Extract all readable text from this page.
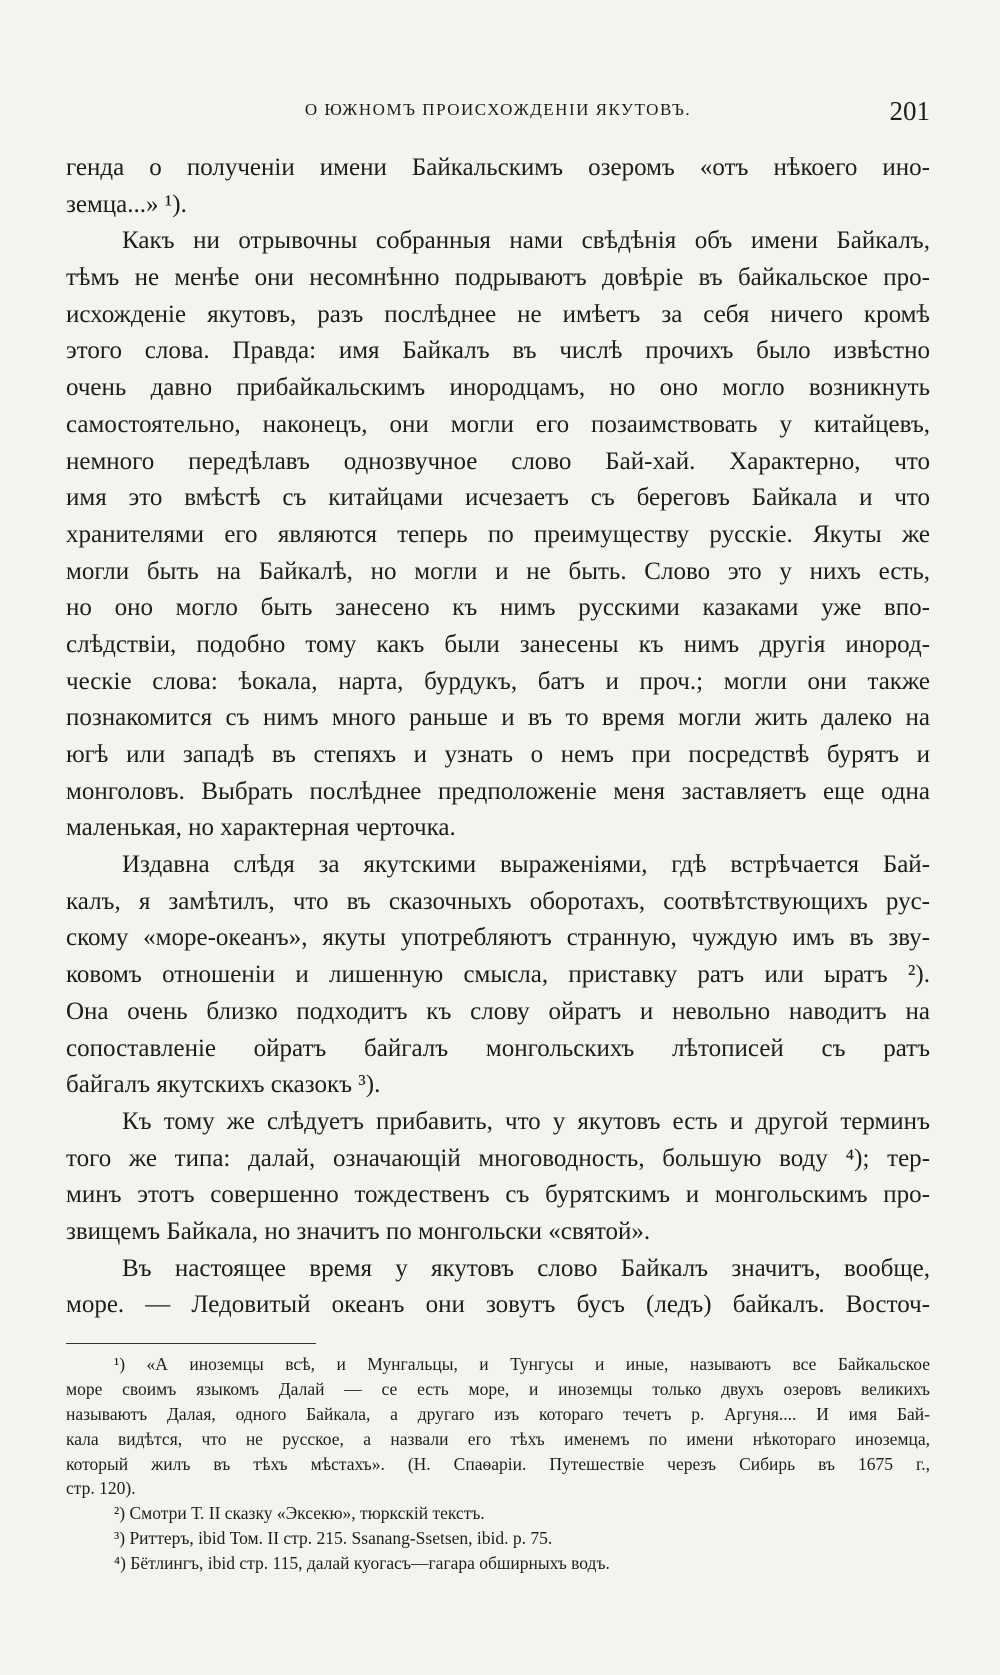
О ЮЖНОМЪ ПРОИСХОЖДЕНIИ ЯКУТОВЪ.	201
генда о полученiи имени Байкальскимъ озеромъ «отъ нѣкоего ино-
земца...» ¹).
Какъ ни отрывочны собранныя нами свѣдѣнiя объ имени Байкалъ,
тѣмъ не менѣе они несомнѣнно подрываютъ довѣрiе въ байкальское про-
исхожденiе якутовъ, разъ послѣднее не имѣетъ за себя ничего кромѣ
этого слова. Правда: имя Байкалъ въ числѣ прочихъ было извѣстно
очень давно прибайкальскимъ инородцамъ, но оно могло возникнуть
самостоятельно, наконецъ, они могли его позаимствовать у китайцевъ,
немного передѣлавъ однозвучное слово Бай-хай. Характерно, что
имя это вмѣстѣ съ китайцами исчезаетъ съ береговъ Байкала и что
хранителями его являются теперь по преимуществу русскiе. Якуты же
могли быть на Байкалѣ, но могли и не быть. Слово это у нихъ есть,
но оно могло быть занесено къ нимъ русскими казаками уже впо-
слѣдствiи, подобно тому какъ были занесены къ нимъ другiя инород-
ческiе слова: ѣокала, нарта, бурдукъ, батъ и проч.; могли они также
познакомится съ нимъ много раньше и въ то время могли жить далеко на
югѣ или западѣ въ степяхъ и узнать о немъ при посредствѣ бурятъ и
монголовъ. Выбрать послѣднее предположенiе меня заставляетъ еще одна
маленькая, но характерная черточка.
Издавна слѣдя за якутскими выраженiями, гдѣ встрѣчается Бай-
калъ, я замѣтилъ, что въ сказочныхъ оборотахъ, соотвѣтствующихъ рус-
скому «море-океанъ», якуты употребляютъ странную, чуждую имъ въ зву-
ковомъ отношенiи и лишенную смысла, приставку ратъ или ыратъ ²).
Она очень близко подходитъ къ слову ойратъ и невольно наводитъ на
сопоставленiе ойратъ байгалъ монгольскихъ лѣтописей съ ратъ
байгалъ якутскихъ сказокъ ³).
Къ тому же слѣдуетъ прибавить, что у якутовъ есть и другой терминъ
того же типа: далай, означающiй многоводность, большую воду ⁴); тер-
минъ этотъ совершенно тождественъ съ бурятскимъ и монгольскимъ про-
звищемъ Байкала, но значитъ по монгольски «святой».
Въ настоящее время у якутовъ слово Байкалъ значитъ, вообще,
море. — Ледовитый океанъ они зовутъ бусъ (ледъ) байкалъ. Восточ-
¹) «А иноземцы всѣ, и Мунгальцы, и Тунгусы и иные, называютъ все Байкальское
море своимъ языкомъ Далай — се есть море, и иноземцы только двухъ озеровъ великихъ
называютъ Далая, одного Байкала, а другаго изъ котораго течетъ р. Аргуня.... И имя Бай-
кала видѣтся, что не русское, а назвали его тѣхъ именемъ по имени нѣкотораго иноземца,
который жилъ въ тѣхъ мѣстахъ». (Н. Спаѳарiи. Путешествiе черезъ Сибирь въ 1675 г.,
стр. 120).
²) Смотри Т. II сказку «Эксекю», тюркскiй текстъ.
³) Риттеръ, ibid Том. II стр. 215. Ssanang-Ssetsen, ibid. p. 75.
⁴) Бётлингъ, ibid стр. 115, далай куогасъ—гагара обширныхъ водъ.
